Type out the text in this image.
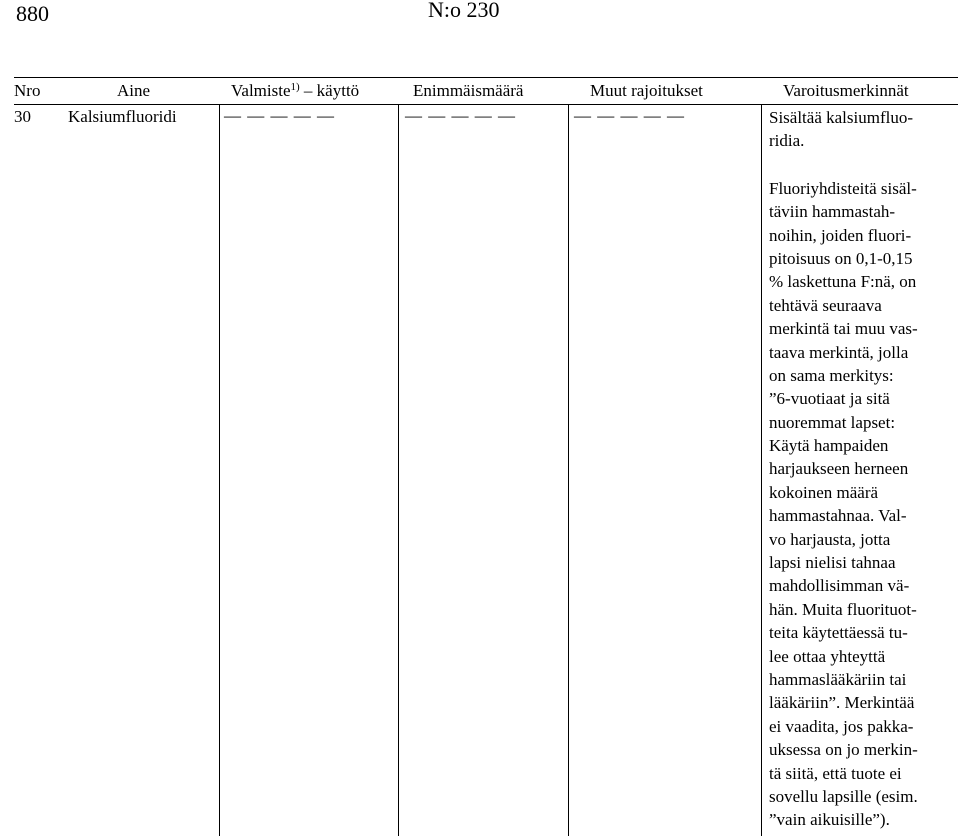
880	N:o 230
Nro	Aine	Valmiste$^{1)}$ – käyttö	Enimmäismäärä	Muut rajoitukset	Varoitusmerkinnät
30 Kalsiumfluoridi	— — — — —	— — — — —	— — — — —	Sisältää kalsiumfluo-
ridia.
Fluoriyhdisteitä sisäl-
täviin hammastah-
noihin, joiden fluori-
pitoisuus on 0,1-0,15
% laskettuna F:nä, on
tehtävä seuraava
merkintä tai muu vas-
taava merkintä, jolla
on sama merkitys:
”6-vuotiaat ja sitä
nuoremmat lapset:
Käytä hampaiden
harjaukseen herneen
kokoinen määrä
hammastahnaa. Val-
vo harjausta, jotta
lapsi nielisi tahnaa
mahdollisimman vä-
hän. Muita fluorituot-
teita käytettäessä tu-
lee ottaa yhteyttä
hammaslääkäriin tai
lääkäriin”. Merkintää
ei vaadita, jos pakka-
uksessa on jo merkin-
tä siitä, että tuote ei
sovellu lapsille (esim.
”vain aikuisille”).
